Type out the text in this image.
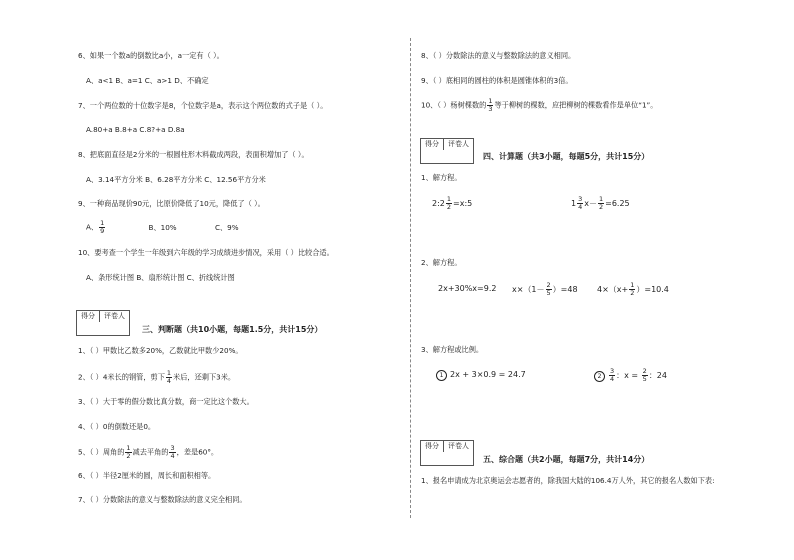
6、如果一个数a的倒数比a小，a一定有（ ）。
A、a<1 B、a=1 C、a>1 D、不确定
7、一个两位数的十位数字是8，个位数字是a，表示这个两位数的式子是（ ）。
A.80+a B.8+a C.8?+a D.8a
8、把底面直径是2分米的一根圆柱形木料截成两段，表面积增加了（ ）。
A、3.14平方分米 B、6.28平方分米 C、12.56平方分米
9、一种商品现价90元，比原价降低了10元，降低了（ ）。
A、 $\frac{1}{9}$	B、10%	C、9%
10、要考查一个学生一年级到六年级的学习成绩进步情况，采用（ ）比较合适。
A、条形统计图 B、扇形统计图 C、折线统计图
得分	评卷人
三、判断题（共10小题，每题1.5分，共计15分）
1、（ ）甲数比乙数多20%，乙数就比甲数少20%。
2、（ ）4米长的钢管，剪下 $\frac{1}{4}$ 米后，还剩下3米。
3、（ ）大于零的假分数比真分数，商一定比这个数大。
4、（ ）0的倒数还是0。
5、（ ）周角的 $\frac{1}{2}$ 减去平角的 $\frac{3}{4}$ ，差是60°。
6、（ ）半径2厘米的圆，周长和面积相等。
7、（ ）分数除法的意义与整数除法的意义完全相同。
8、（ ）分数除法的意义与整数除法的意义相同。
9、（ ）底相同的圆柱的体积是圆锥体积的3倍。
10、（ ）杨树棵数的 $\frac{1}{3}$ 等于柳树的棵数，应把柳树的棵数看作是单位“1”。
得分	评卷人
四、计算题（共3小题，每题5分，共计15分）
1、解方程。
2:2 $\frac{1}{2}$ =x:5	$1 \frac{3}{4} x- \frac{1}{2} =6.25$
2、解方程。
2x+30%x=9.2 $x\times(1- \frac{2}{5} )=48$ $4\times(x+ \frac{1}{2} )=10.4$
3、解方程或比例。
1 2x + 3×0.9 = 24.7	$2 \frac{3}{4}$ ：$x = \frac{2}{5}$ ：24
得分	评卷人
五、综合题（共2小题，每题7分，共计14分）
1、报名申请成为北京奥运会志愿者的，除我国大陆的106.4万人外，其它的报名人数如下表:
